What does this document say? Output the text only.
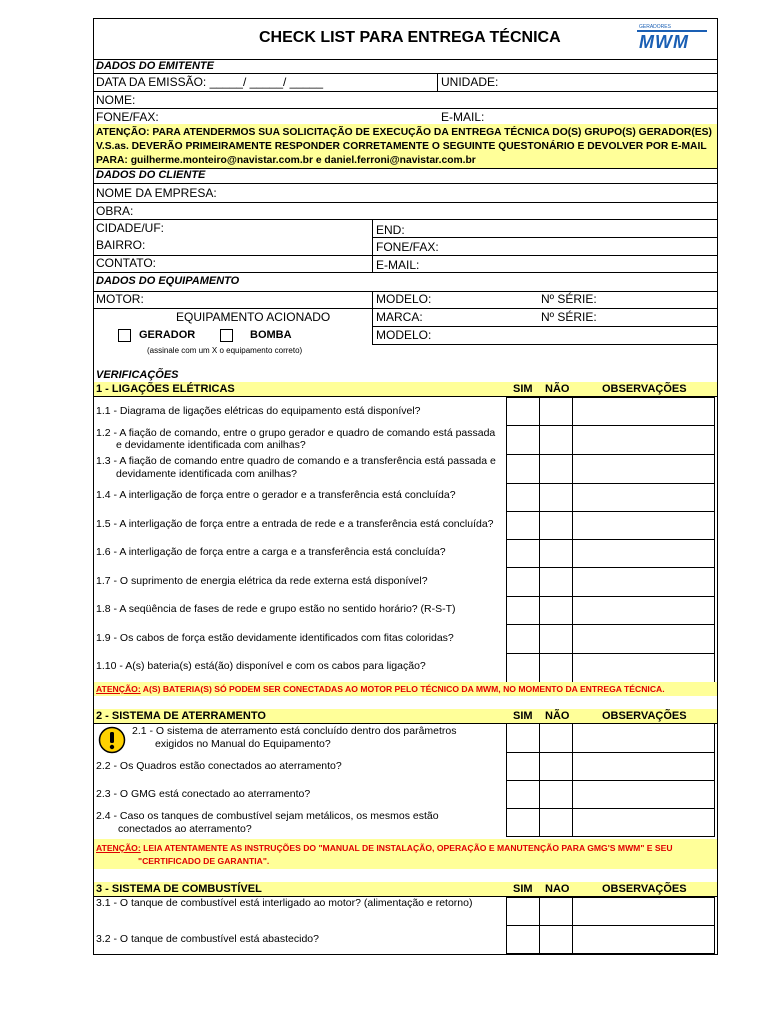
CHECK LIST PARA ENTREGA TÉCNICA
GERADORES
MWM
DADOS DO EMITENTE
DATA DA EMISSÃO: _____/ _____/ _____	UNIDADE:
NOME:
FONE/FAX:	E-MAIL:
ATENÇÃO: PARA ATENDERMOS SUA SOLICITAÇÃO DE EXECUÇÃO DA ENTREGA TÉCNICA DO(S) GRUPO(S) GERADOR(ES)
V.S.as. DEVERÃO PRIMEIRAMENTE RESPONDER CORRETAMENTE O SEGUINTE QUESTONÁRIO E DEVOLVER POR E-MAIL
PARA: guilherme.monteiro@navistar.com.br e daniel.ferroni@navistar.com.br
DADOS DO CLIENTE
NOME DA EMPRESA:
OBRA:
CIDADE/UF:	END:
BAIRRO:	FONE/FAX:
CONTATO:	E-MAIL:
DADOS DO EQUIPAMENTO
MOTOR:	MODELO:	Nº SÉRIE:
EQUIPAMENTO ACIONADO	MARCA:	Nº SÉRIE:
GERADOR	BOMBA	MODELO:
(assinale com um X o equipamento correto)
VERIFICAÇÕES
1 - LIGAÇÕES ELÉTRICAS	SIM NÃO	OBSERVAÇÕES
1.1 - Diagrama de ligações elétricas do equipamento está disponível?
1.2 - A fiação de comando, entre o grupo gerador e quadro de comando está passada
e devidamente identificada com anilhas?
1.3 - A fiação de comando entre quadro de comando e a transferência está passada e
devidamente identificada com anilhas?
1.4 - A interligação de força entre o gerador e a transferência está concluída?
1.5 - A interligação de força entre a entrada de rede e a transferência está concluída?
1.6 - A interligação de força entre a carga e a transferência está concluída?
1.7 - O suprimento de energia elétrica da rede externa está disponível?
1.8 - A seqüência de fases de rede e grupo estão no sentido horário? (R-S-T)
1.9 - Os cabos de força estão devidamente identificados com fitas coloridas?
1.10 - A(s) bateria(s) está(ão) disponível e com os cabos para ligação?
ATENÇÃO: A(S) BATERIA(S) SÓ PODEM SER CONECTADAS AO MOTOR PELO TÉCNICO DA MWM, NO MOMENTO DA ENTREGA TÉCNICA.
2 - SISTEMA DE ATERRAMENTO	SIM NÃO	OBSERVAÇÕES
2.1 - O sistema de aterramento está concluído dentro dos parâmetros
exigidos no Manual do Equipamento?
2.2 - Os Quadros estão conectados ao aterramento?
2.3 - O GMG está conectado ao aterramento?
2.4 - Caso os tanques de combustível sejam metálicos, os mesmos estão
conectados ao aterramento?
ATENÇÃO: LEIA ATENTAMENTE AS INSTRUÇÕES DO "MANUAL DE INSTALAÇÃO, OPERAÇÃO E MANUTENÇÃO PARA GMG'S MWM" E SEU
"CERTIFICADO DE GARANTIA".
3 - SISTEMA DE COMBUSTÍVEL	SIM NAO	OBSERVAÇÕES
3.1 - O tanque de combustível está interligado ao motor? (alimentação e retorno)
3.2 - O tanque de combustível está abastecido?
